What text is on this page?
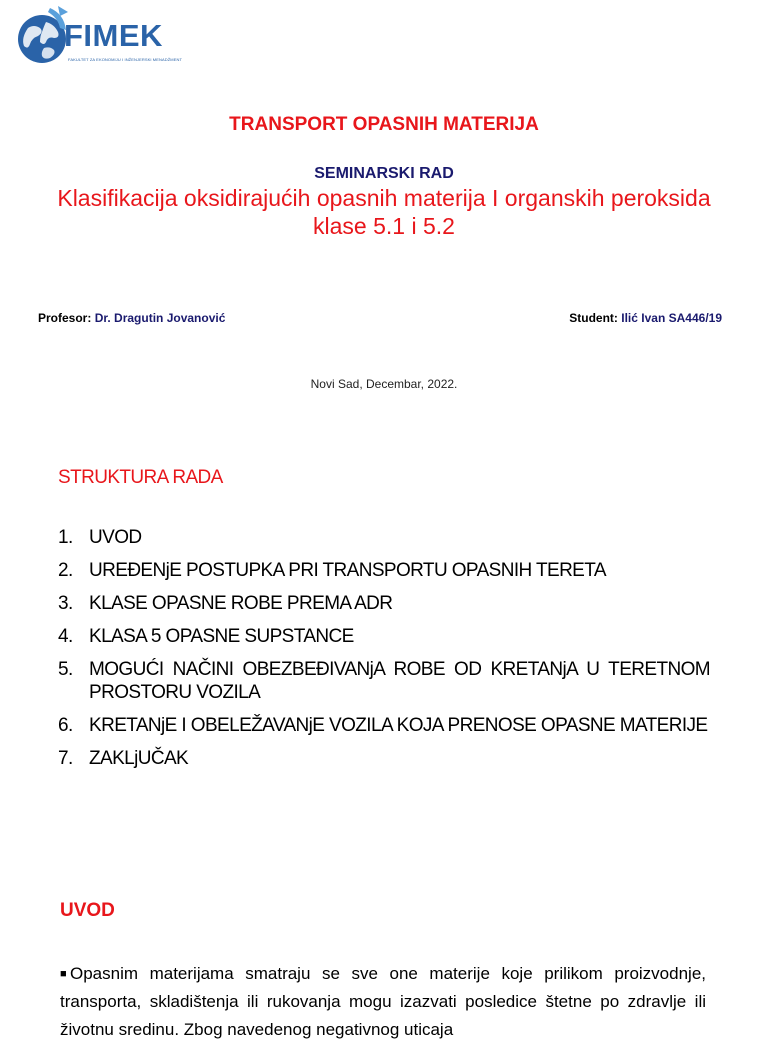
FIMEK
FAKULTET ZA EKONOMIJU I INŽENJERSKI MENADŽMENT
TRANSPORT OPASNIH MATERIJA
SEMINARSKI RAD
Klasifikacija oksidirajućih opasnih materija I organskih peroksida klase 5.1 i 5.2
Profesor: Dr. Dragutin Jovanović	Student: Ilić Ivan SA446/19
Novi Sad, Decembar, 2022.
STRUKTURA RADA
1. UVOD
2. UREĐENjE POSTUPKA PRI TRANSPORTU OPASNIH TERETA
3. KLASE OPASNE ROBE PREMA ADR
4. KLASA 5 OPASNE SUPSTANCE
5. MOGUĆI NAČINI OBEZBEĐIVANjA ROBE OD KRETANjA U TERETNOM PROSTORU VOZILA
6. KRETANjE I OBELEŽAVANjE VOZILA KOJA PRENOSE OPASNE MATERIJE
7. ZAKLjUČAK
UVOD

■ Opasnim materijama smatraju se sve one materije koje prilikom proizvodnje, transporta, skladištenja ili rukovanja mogu izazvati posledice štetne po zdravlje ili životnu sredinu. Zbog navedenog negativnog uticaja
